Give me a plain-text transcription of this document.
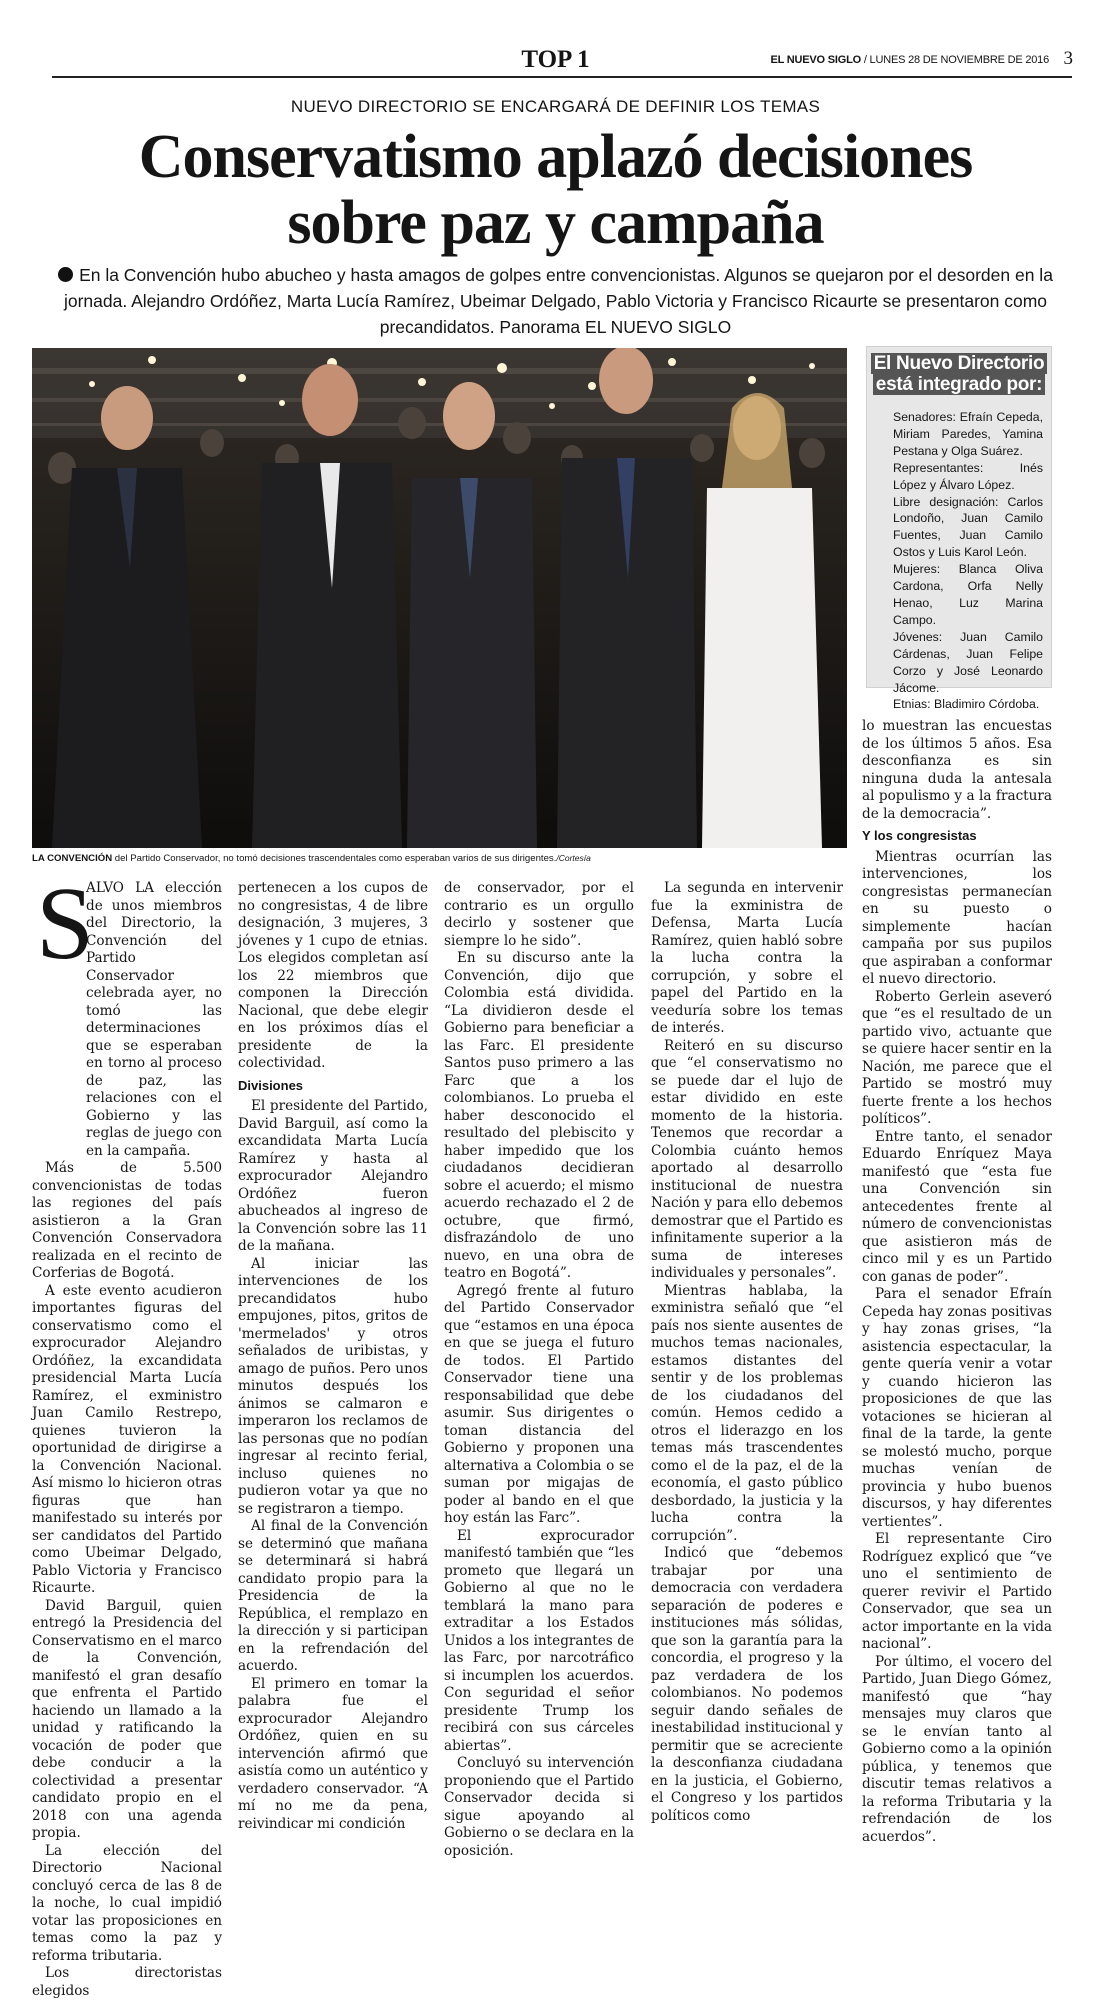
TOP 1	EL NUEVO SIGLO / LUNES 28 DE NOVIEMBRE DE 2016 3
NUEVO DIRECTORIO SE ENCARGARÁ DE DEFINIR LOS TEMAS
Conservatismo aplazó decisiones
sobre paz y campaña
En la Convención hubo abucheo y hasta amagos de golpes entre convencionistas. Algunos se quejaron por el desorden en la jornada. Alejandro Ordóñez, Marta Lucía Ramírez, Ubeimar Delgado, Pablo Victoria y Francisco Ricaurte se presentaron como precandidatos. Panorama EL NUEVO SIGLO
LA CONVENCIÓN del Partido Conservador, no tomó decisiones trascendentales como esperaban varios de sus dirigentes./Cortesía
El Nuevo Directorio
está integrado por:

Senadores: Efraín Cepeda, Miriam Paredes, Yamina Pestana y Olga Suárez.

Representantes: Inés López y Álvaro López.

Libre designación: Carlos Londoño, Juan Camilo Fuentes, Juan Camilo Ostos y Luis Karol León.

Mujeres: Blanca Oliva Cardona, Orfa Nelly Henao, Luz Marina Campo.

Jóvenes: Juan Camilo Cárdenas, Juan Felipe Corzo y José Leonardo Jácome.

Etnias: Bladimiro Córdoba.

S

ALVO LA elección de unos miembros del Directorio, la Convención del Partido Conservador celebrada ayer, no tomó las determinaciones que se esperaban en torno al proceso de paz, las relaciones con el Gobierno y las reglas de juego con en la campaña.

Más de 5.500 convencionistas de todas las regiones del país asistieron a la Gran Convención Conservadora realizada en el recinto de Corferias de Bogotá.

A este evento acudieron importantes figuras del conservatismo como el exprocurador Alejandro Ordóñez, la excandidata presidencial Marta Lucía Ramírez, el exministro Juan Camilo Restrepo, quienes tuvieron la oportunidad de dirigirse a la Convención Nacional. Así mismo lo hicieron otras figuras que han manifestado su interés por ser candidatos del Partido como Ubeimar Delgado, Pablo Victoria y Francisco Ricaurte.

David Barguil, quien entregó la Presidencia del Conservatismo en el marco de la Convención, manifestó el gran desafío que enfrenta el Partido haciendo un llamado a la unidad y ratificando la vocación de poder que debe conducir a la colectividad a presentar candidato propio en el 2018 con una agenda propia.

La elección del Directorio Nacional concluyó cerca de las 8 de la noche, lo cual impidió votar las proposiciones en temas como la paz y reforma tributaria.

Los directoristas elegidos

pertenecen a los cupos de no congresistas, 4 de libre designación, 3 mujeres, 3 jóvenes y 1 cupo de etnias. Los elegidos completan así los 22 miembros que componen la Dirección Nacional, que debe elegir en los próximos días el presidente de la colectividad.

Divisiones

El presidente del Partido, David Barguil, así como la excandidata Marta Lucía Ramírez y hasta al exprocurador Alejandro Ordóñez fueron abucheados al ingreso de la Convención sobre las 11 de la mañana.

Al iniciar las intervenciones de los precandidatos hubo empujones, pitos, gritos de 'mermelados' y otros señalados de uribistas, y amago de puños. Pero unos minutos después los ánimos se calmaron e imperaron los reclamos de las personas que no podían ingresar al recinto ferial, incluso quienes no pudieron votar ya que no se registraron a tiempo.

Al final de la Convención se determinó que mañana se determinará si habrá candidato propio para la Presidencia de la República, el remplazo en la dirección y si participan en la refrendación del acuerdo.

El primero en tomar la palabra fue el exprocurador Alejandro Ordóñez, quien en su intervención afirmó que asistía como un auténtico y verdadero conservador. “A mí no me da pena, reivindicar mi condición

de conservador, por el contrario es un orgullo decirlo y sostener que siempre lo he sido”.

En su discurso ante la Convención, dijo que Colombia está dividida. “La dividieron desde el Gobierno para beneficiar a las Farc. El presidente Santos puso primero a las Farc que a los colombianos. Lo prueba el haber desconocido el resultado del plebiscito y haber impedido que los ciudadanos decidieran sobre el acuerdo; el mismo acuerdo rechazado el 2 de octubre, que firmó, disfrazándolo de uno nuevo, en una obra de teatro en Bogotá”.

Agregó frente al futuro del Partido Conservador que “estamos en una época en que se juega el futuro de todos. El Partido Conservador tiene una responsabilidad que debe asumir. Sus dirigentes o toman distancia del Gobierno y proponen una alternativa a Colombia o se suman por migajas de poder al bando en el que hoy están las Farc”.

El exprocurador manifestó también que “les prometo que llegará un Gobierno al que no le temblará la mano para extraditar a los Estados Unidos a los integrantes de las Farc, por narcotráfico si incumplen los acuerdos. Con seguridad el señor presidente Trump los recibirá con sus cárceles abiertas”.

Concluyó su intervención proponiendo que el Partido Conservador decida si sigue apoyando al Gobierno o se declara en la oposición.

La segunda en intervenir fue la exministra de Defensa, Marta Lucía Ramírez, quien habló sobre la lucha contra la corrupción, y sobre el papel del Partido en la veeduría sobre los temas de interés.

Reiteró en su discurso que “el conservatismo no se puede dar el lujo de estar dividido en este momento de la historia. Tenemos que recordar a Colombia cuánto hemos aportado al desarrollo institucional de nuestra Nación y para ello debemos demostrar que el Partido es infinitamente superior a la suma de intereses individuales y personales”.

Mientras hablaba, la exministra señaló que “el país nos siente ausentes de muchos temas nacionales, estamos distantes del sentir y de los problemas de los ciudadanos del común. Hemos cedido a otros el liderazgo en los temas más trascendentes como el de la paz, el de la economía, el gasto público desbordado, la justicia y la lucha contra la corrupción”.

Indicó que “debemos trabajar por una democracia con verdadera separación de poderes e instituciones más sólidas, que son la garantía para la concordia, el progreso y la paz verdadera de los colombianos. No podemos seguir dando señales de inestabilidad institucional y permitir que se acreciente la desconfianza ciudadana en la justicia, el Gobierno, el Congreso y los partidos políticos como

lo muestran las encuestas de los últimos 5 años. Esa desconfianza es sin ninguna duda la antesala al populismo y a la fractura de la democracia”.

Y los congresistas

Mientras ocurrían las intervenciones, los congresistas permanecían en su puesto o simplemente hacían campaña por sus pupilos que aspiraban a conformar el nuevo directorio.

Roberto Gerlein aseveró que “es el resultado de un partido vivo, actuante que se quiere hacer sentir en la Nación, me parece que el Partido se mostró muy fuerte frente a los hechos políticos”.

Entre tanto, el senador Eduardo Enríquez Maya manifestó que “esta fue una Convención sin antecedentes frente al número de convencionistas que asistieron más de cinco mil y es un Partido con ganas de poder”.

Para el senador Efraín Cepeda hay zonas positivas y hay zonas grises, “la asistencia espectacular, la gente quería venir a votar y cuando hicieron las proposiciones de que las votaciones se hicieran al final de la tarde, la gente se molestó mucho, porque muchas venían de provincia y hubo buenos discursos, y hay diferentes vertientes”.

El representante Ciro Rodríguez explicó que “ve uno el sentimiento de querer revivir el Partido Conservador, que sea un actor importante en la vida nacional”.

Por último, el vocero del Partido, Juan Diego Gómez, manifestó que “hay mensajes muy claros que se le envían tanto al Gobierno como a la opinión pública, y tenemos que discutir temas relativos a la reforma Tributaria y la refrendación de los acuerdos”.
